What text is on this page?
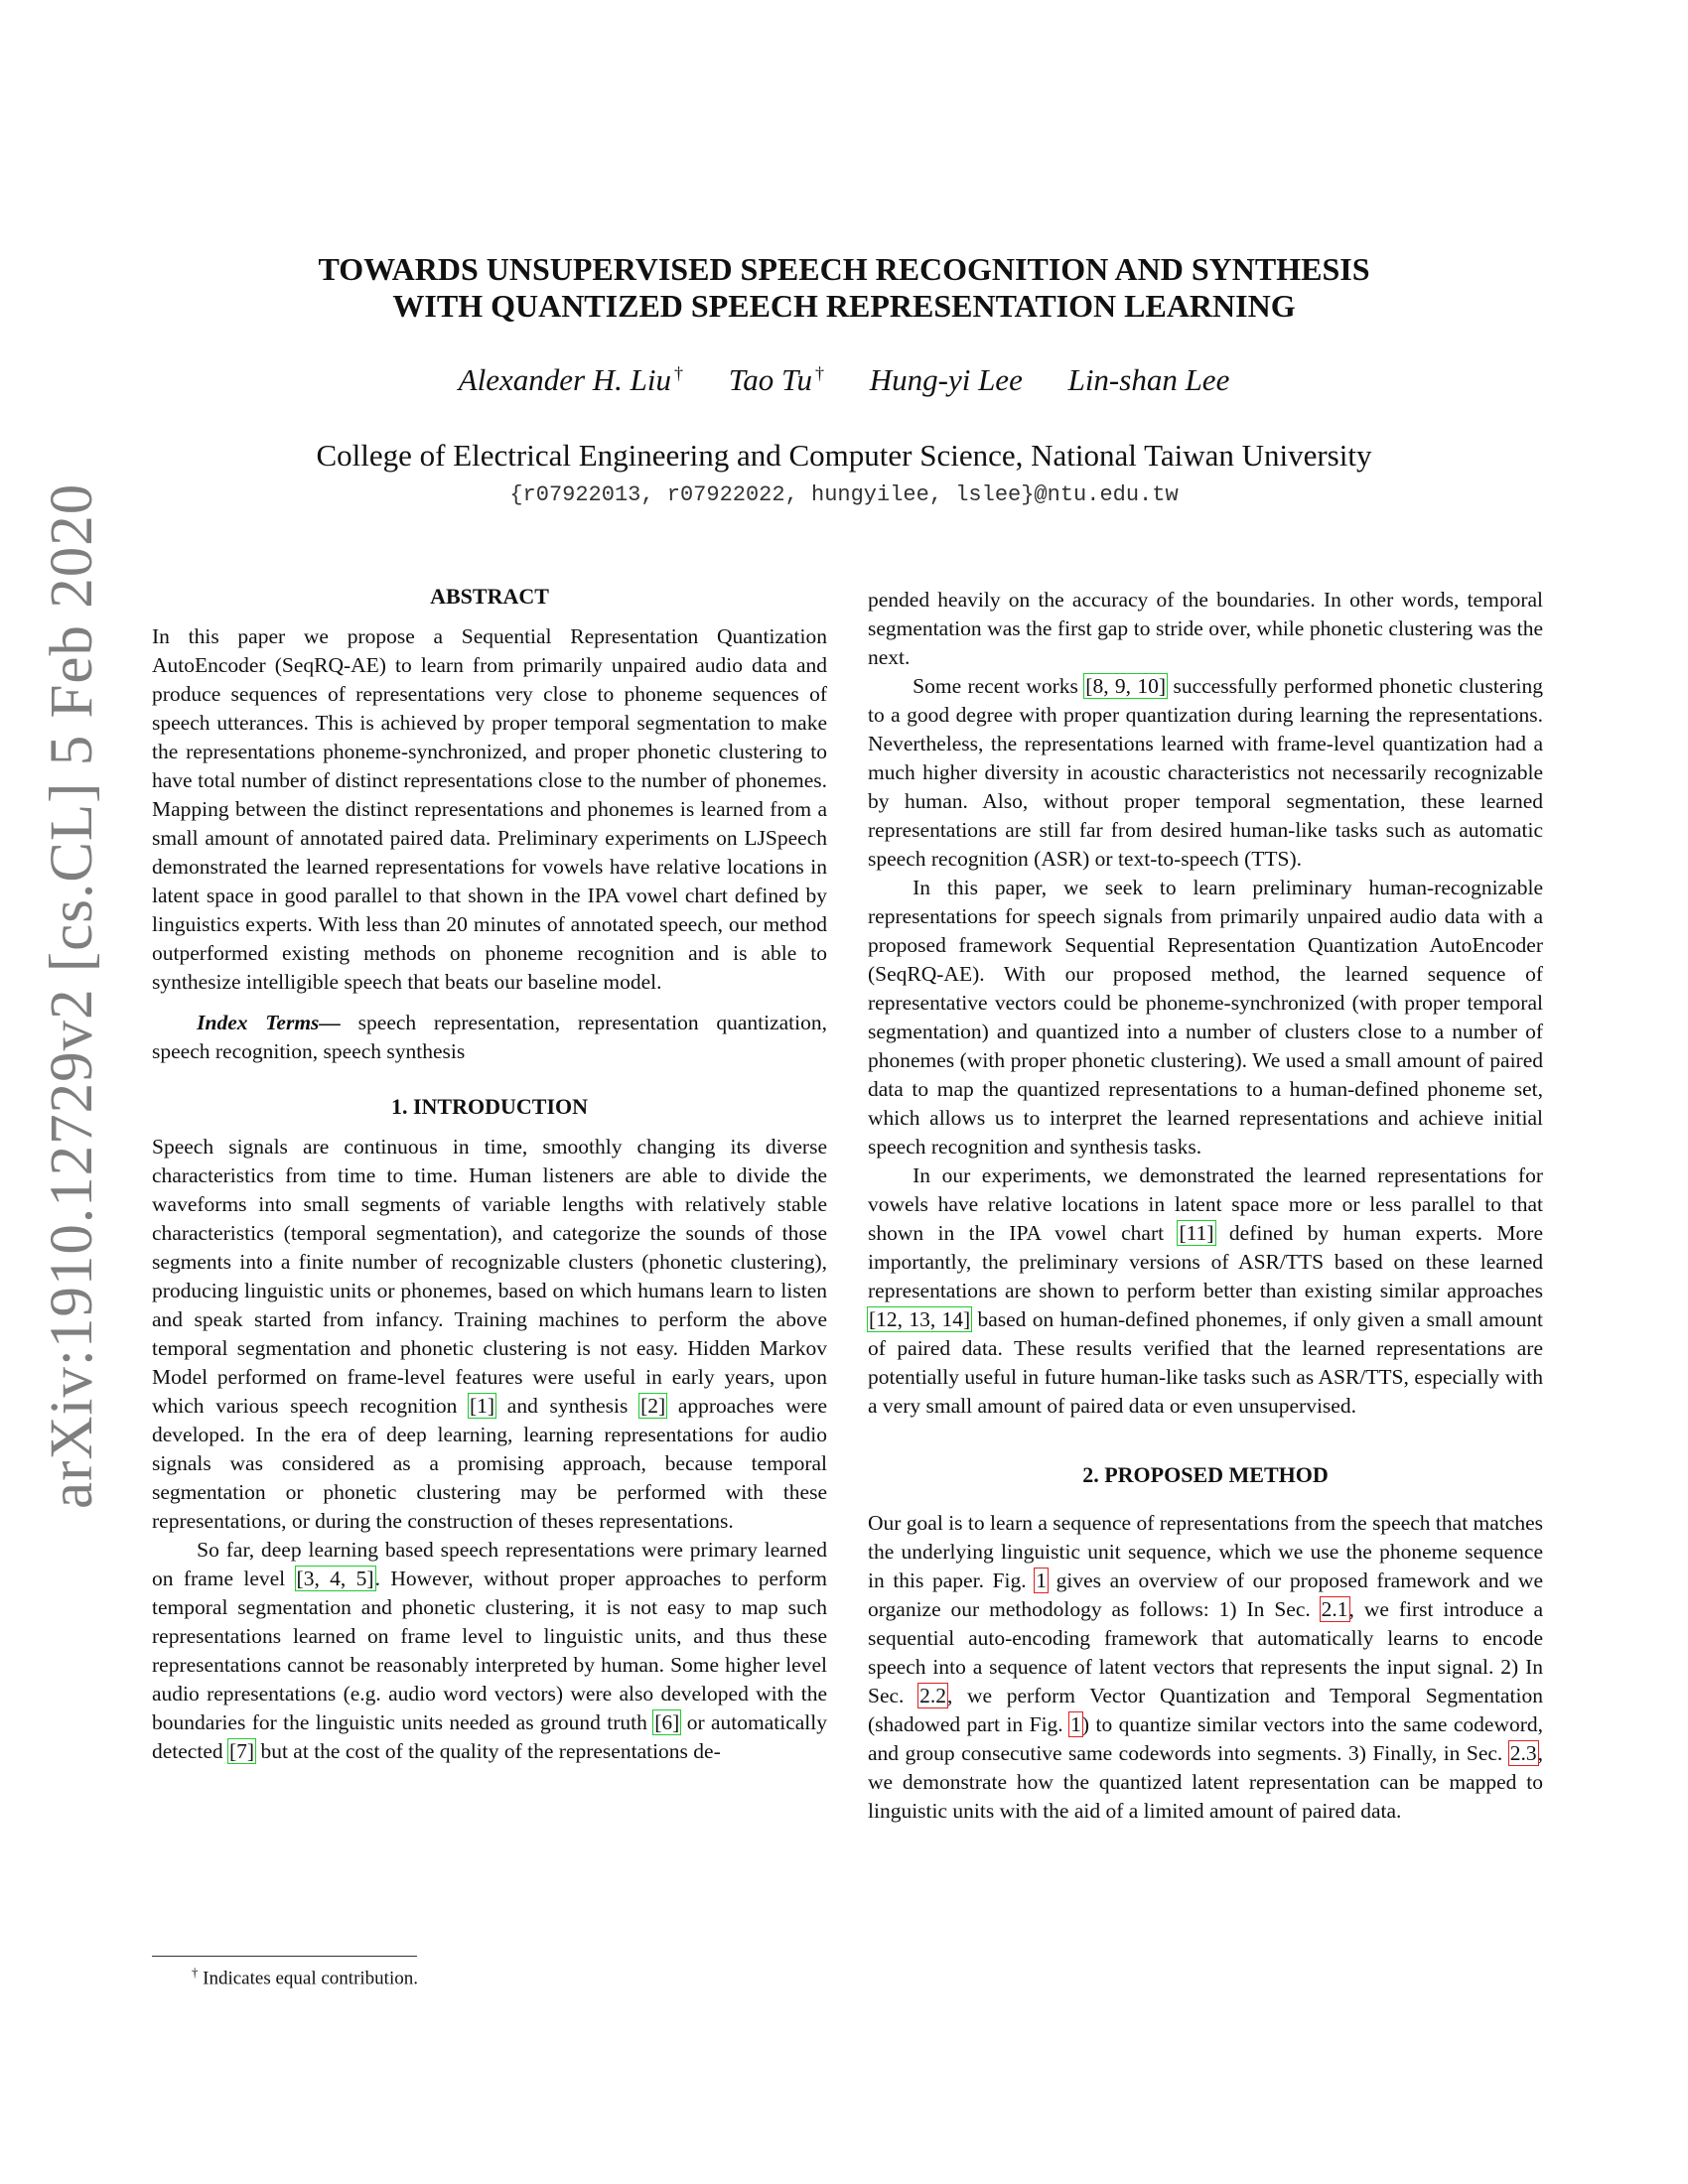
arXiv:1910.12729v2 [cs.CL] 5 Feb 2020
TOWARDS UNSUPERVISED SPEECH RECOGNITION AND SYNTHESIS
WITH QUANTIZED SPEECH REPRESENTATION LEARNING
Alexander H. Liu † Tao Tu † Hung-yi Lee Lin-shan Lee
College of Electrical Engineering and Computer Science, National Taiwan University
{r07922013, r07922022, hungyilee, lslee}@ntu.edu.tw

ABSTRACT

In this paper we propose a Sequential Representation Quantization AutoEncoder (SeqRQ-AE) to learn from primarily unpaired audio data and produce sequences of representations very close to phoneme sequences of speech utterances. This is achieved by proper temporal segmentation to make the representations phoneme-synchronized, and proper phonetic clustering to have total number of distinct representations close to the number of phonemes. Mapping between the distinct representations and phonemes is learned from a small amount of annotated paired data. Preliminary experiments on LJSpeech demonstrated the learned representations for vowels have relative locations in latent space in good parallel to that shown in the IPA vowel chart defined by linguistics experts. With less than 20 minutes of annotated speech, our method outperformed existing methods on phoneme recognition and is able to synthesize intelligible speech that beats our baseline model.

Index Terms— speech representation, representation quantization, speech recognition, speech synthesis

1. INTRODUCTION

Speech signals are continuous in time, smoothly changing its diverse characteristics from time to time. Human listeners are able to divide the waveforms into small segments of variable lengths with relatively stable characteristics (temporal segmentation), and categorize the sounds of those segments into a finite number of recognizable clusters (phonetic clustering), producing linguistic units or phonemes, based on which humans learn to listen and speak started from infancy. Training machines to perform the above temporal segmentation and phonetic clustering is not easy. Hidden Markov Model performed on frame-level features were useful in early years, upon which various speech recognition [1] and synthesis [2] approaches were developed. In the era of deep learning, learning representations for audio signals was considered as a promising approach, because temporal segmentation or phonetic clustering may be performed with these representations, or during the construction of theses representations.

So far, deep learning based speech representations were primary learned on frame level [3, 4, 5]. However, without proper approaches to perform temporal segmentation and phonetic clustering, it is not easy to map such representations learned on frame level to linguistic units, and thus these representations cannot be reasonably interpreted by human. Some higher level audio representations (e.g. audio word vectors) were also developed with the boundaries for the linguistic units needed as ground truth [6] or automatically detected [7] but at the cost of the quality of the representations de-

† Indicates equal contribution.

pended heavily on the accuracy of the boundaries. In other words, temporal segmentation was the first gap to stride over, while phonetic clustering was the next.

Some recent works [8, 9, 10] successfully performed phonetic clustering to a good degree with proper quantization during learning the representations. Nevertheless, the representations learned with frame-level quantization had a much higher diversity in acoustic characteristics not necessarily recognizable by human. Also, without proper temporal segmentation, these learned representations are still far from desired human-like tasks such as automatic speech recognition (ASR) or text-to-speech (TTS).

In this paper, we seek to learn preliminary human-recognizable representations for speech signals from primarily unpaired audio data with a proposed framework Sequential Representation Quantization AutoEncoder (SeqRQ-AE). With our proposed method, the learned sequence of representative vectors could be phoneme-synchronized (with proper temporal segmentation) and quantized into a number of clusters close to a number of phonemes (with proper phonetic clustering). We used a small amount of paired data to map the quantized representations to a human-defined phoneme set, which allows us to interpret the learned representations and achieve initial speech recognition and synthesis tasks.

In our experiments, we demonstrated the learned representations for vowels have relative locations in latent space more or less parallel to that shown in the IPA vowel chart [11] defined by human experts. More importantly, the preliminary versions of ASR/TTS based on these learned representations are shown to perform better than existing similar approaches [12, 13, 14] based on human-defined phonemes, if only given a small amount of paired data. These results verified that the learned representations are potentially useful in future human-like tasks such as ASR/TTS, especially with a very small amount of paired data or even unsupervised.

2. PROPOSED METHOD

Our goal is to learn a sequence of representations from the speech that matches the underlying linguistic unit sequence, which we use the phoneme sequence in this paper. Fig. 1 gives an overview of our proposed framework and we organize our methodology as follows: 1) In Sec. 2.1, we first introduce a sequential auto-encoding framework that automatically learns to encode speech into a sequence of latent vectors that represents the input signal. 2) In Sec. 2.2, we perform Vector Quantization and Temporal Segmentation (shadowed part in Fig. 1) to quantize similar vectors into the same codeword, and group consecutive same codewords into segments. 3) Finally, in Sec. 2.3, we demonstrate how the quantized latent representation can be mapped to linguistic units with the aid of a limited amount of paired data.
